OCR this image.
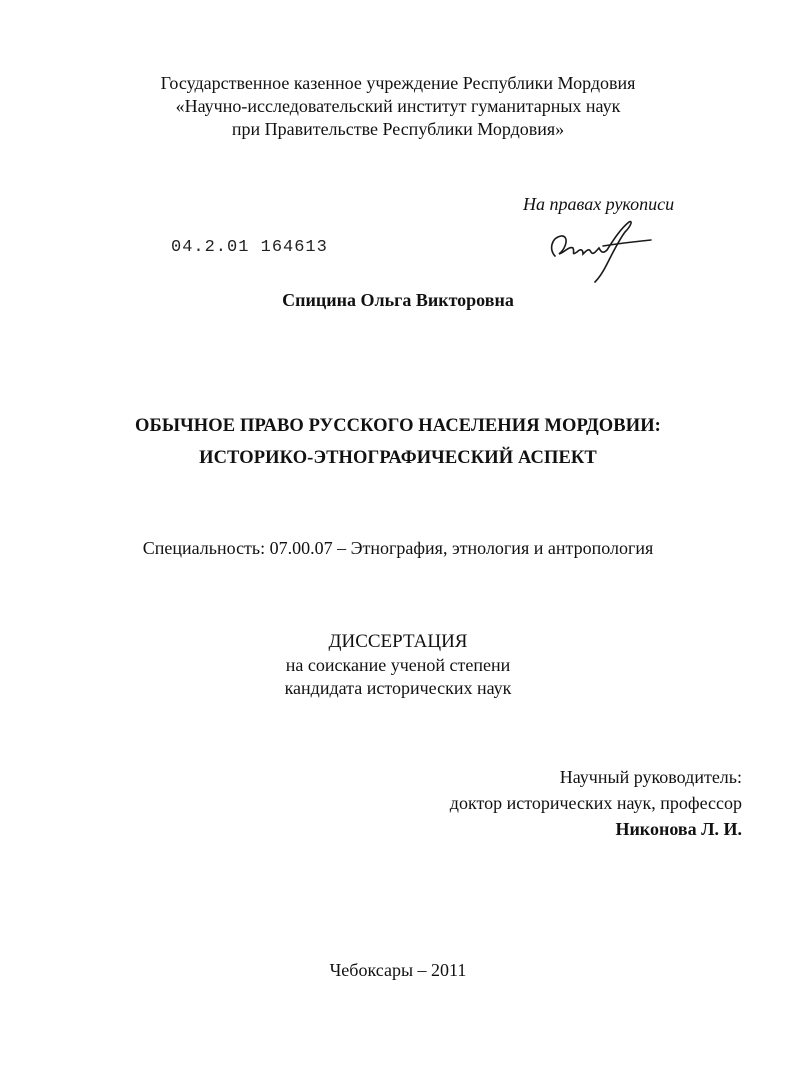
Государственное казенное учреждение Республики Мордовия
«Научно-исследовательский институт гуманитарных наук
при Правительстве Республики Мордовия»
На правах рукописи
04.2.01 164613
Спицина Ольга Викторовна
ОБЫЧНОЕ ПРАВО РУССКОГО НАСЕЛЕНИЯ МОРДОВИИ:
ИСТОРИКО-ЭТНОГРАФИЧЕСКИЙ АСПЕКТ
Специальность: 07.00.07 – Этнография, этнология и антропология
ДИССЕРТАЦИЯ
на соискание ученой степени
кандидата исторических наук
Научный руководитель:
доктор исторических наук, профессор
Никонова Л. И.
Чебоксары – 2011
